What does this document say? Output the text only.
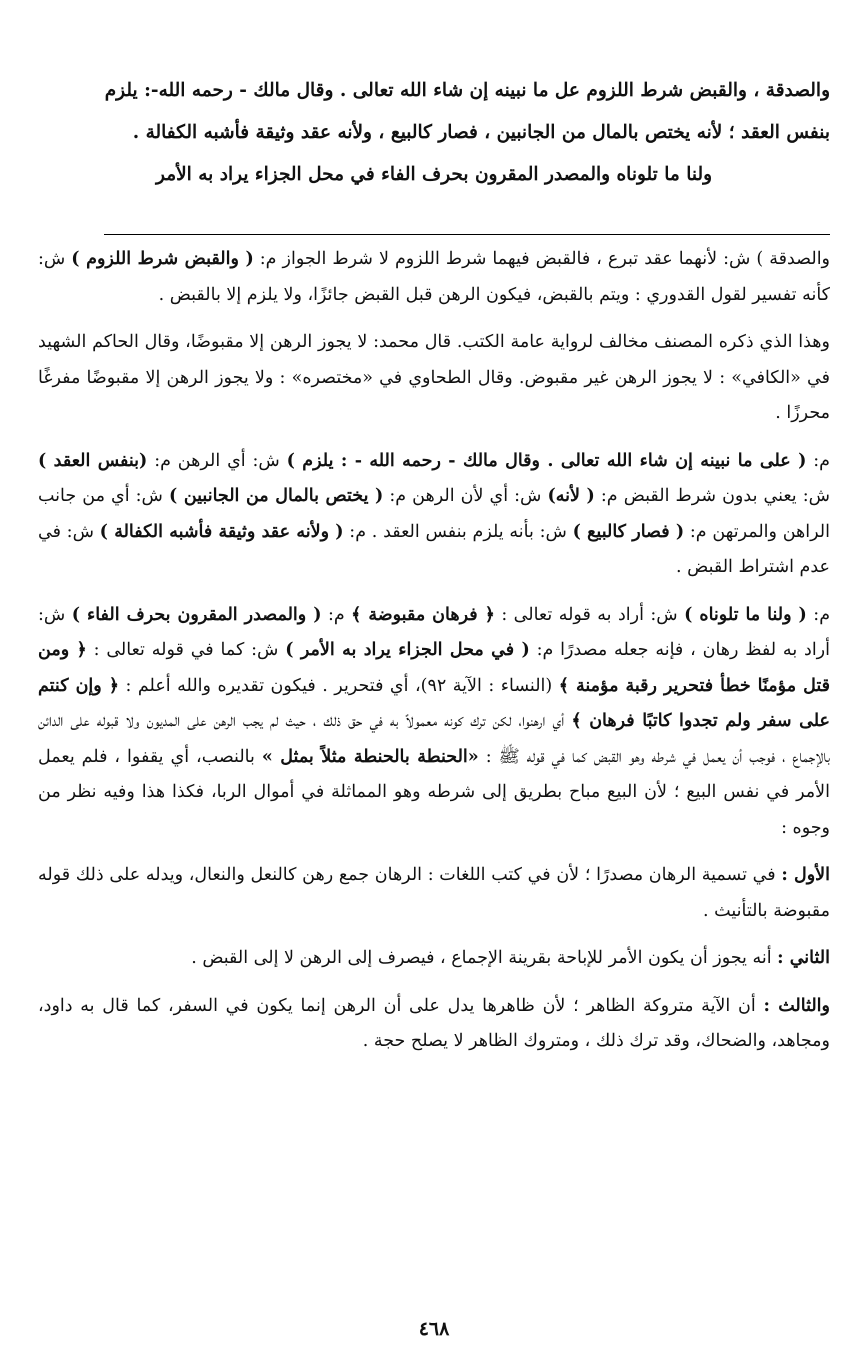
والصدقة ، والقبض شرط اللزوم عل ما نبينه إن شاء الله تعالى . وقال مالك - رحمه الله-: يلزم

بنفس العقد ؛ لأنه يختص بالمال من الجانبين ، فصار كالبيع ، ولأنه عقد وثيقة فأشبه الكفالة .

ولنا ما تلوناه والمصدر المقرون بحرف الفاء في محل الجزاء يراد به الأمر

والصدقة ) ش: لأنهما عقد تبرع ، فالقبض فيهما شرط اللزوم لا شرط الجواز م: ( والقبض شرط اللزوم ) ش: كأنه تفسير لقول القدوري : ويتم بالقبض، فيكون الرهن قبل القبض جائزًا، ولا يلزم إلا بالقبض .

وهذا الذي ذكره المصنف مخالف لرواية عامة الكتب. قال محمد: لا يجوز الرهن إلا مقبوضًا، وقال الحاكم الشهيد في «الكافي» : لا يجوز الرهن غير مقبوض. وقال الطحاوي في «مختصره» : ولا يجوز الرهن إلا مقبوضًا مفرغًا محرزًا .

م: ( على ما نبينه إن شاء الله تعالى . وقال مالك - رحمه الله - : يلزم ) ش: أي الرهن م: (بنفس العقد ) ش: يعني بدون شرط القبض م: ( لأنه) ش: أي لأن الرهن م: ( يختص بالمال من الجانبين ) ش: أي من جانب الراهن والمرتهن م: ( فصار كالبيع ) ش: بأنه يلزم بنفس العقد . م: ( ولأنه عقد وثيقة فأشبه الكفالة ) ش: في عدم اشتراط القبض .

م: ( ولنا ما تلوناه ) ش: أراد به قوله تعالى : ﴿ فرهان مقبوضة ﴾ م: ( والمصدر المقرون بحرف الفاء ) ش: أراد به لفظ رهان ، فإنه جعله مصدرًا م: ( في محل الجزاء يراد به الأمر ) ش: كما في قوله تعالى : ﴿ ومن قتل مؤمنًا خطأ فتحرير رقبة مؤمنة ﴾ (النساء : الآية ٩٢)، أي فتحرير . فيكون تقديره والله أعلم : ﴿ وإن كنتم على سفر ولم تجدوا كاتبًا فرهان ﴾ أي ارهنوا، لكن ترك كونه معمولاً به في حق ذلك ، حيث لم يجب الرهن على المديون ولا قبوله على الدائن بالإجماع ، فوجب أن يعمل في شرطه وهو القبض كما في قوله ﷺ : «الحنطة بالحنطة مثلاً بمثل » بالنصب، أي يقفوا ، فلم يعمل الأمر في نفس البيع ؛ لأن البيع مباح بطريق إلى شرطه وهو المماثلة في أموال الربا، فكذا هذا وفيه نظر من وجوه :

الأول : في تسمية الرهان مصدرًا ؛ لأن في كتب اللغات : الرهان جمع رهن كالنعل والنعال، ويدله على ذلك قوله مقبوضة بالتأنيث .

الثاني : أنه يجوز أن يكون الأمر للإباحة بقرينة الإجماع ، فيصرف إلى الرهن لا إلى القبض .

والثالث : أن الآية متروكة الظاهر ؛ لأن ظاهرها يدل على أن الرهن إنما يكون في السفر، كما قال به داود، ومجاهد، والضحاك، وقد ترك ذلك ، ومتروك الظاهر لا يصلح حجة .

٤٦٨
